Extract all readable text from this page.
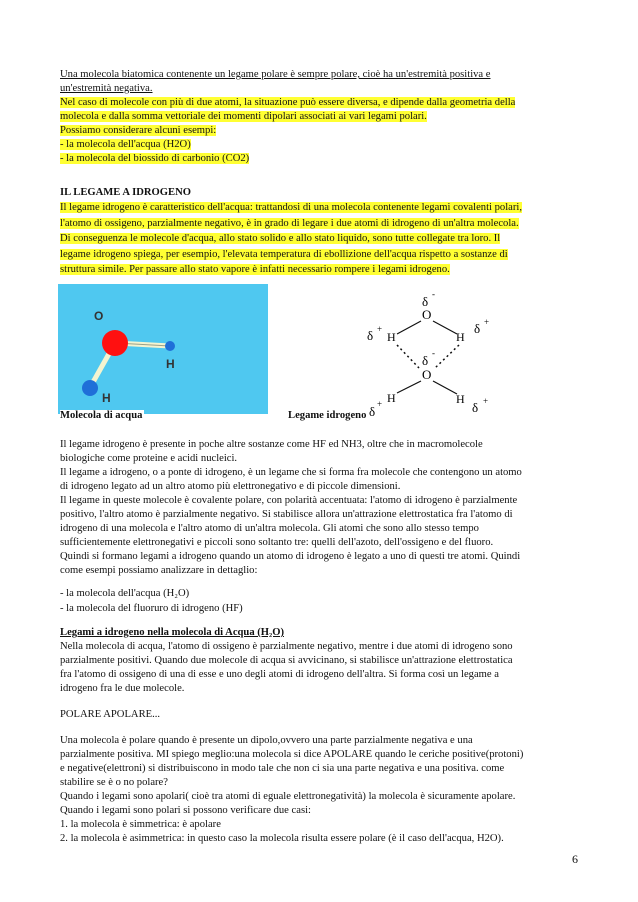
Una molecola biatomica contenente un legame polare è sempre polare, cioè ha un'estremità positiva e
un'estremità negativa.
Nel caso di molecole con più di due atomi, la situazione può essere diversa, e dipende dalla geometria della
molecola e dalla somma vettoriale dei momenti dipolari associati ai vari legami polari.
Possiamo considerare alcuni esempi:
- la molecola dell'acqua (H2O)
- la molecola del biossido di carbonio (CO2)
IL LEGAME A IDROGENO
Il legame idrogeno è caratteristico dell'acqua: trattandosi di una molecola contenente legami covalenti polari,
l'atomo di ossigeno, parzialmente negativo, è in grado di legare i due atomi di idrogeno di un'altra molecola.
Di conseguenza le molecole d'acqua, allo stato solido e allo stato liquido, sono tutte collegate tra loro. Il
legame idrogeno spiega, per esempio, l'elevata temperatura di ebollizione dell'acqua rispetto a sostanze di
struttura simile. Per passare allo stato vapore è infatti necessario rompere i legami idrogeno.
O
H
H
Molecola di acqua
δ -
O
δ +
H	H
δ +
δ -
O
H	H
δ +	δ +
Legame idrogeno
Il legame idrogeno è presente in poche altre sostanze come HF ed NH3, oltre che in macromolecole
biologiche come proteine e acidi nucleici.
Il legame a idrogeno, o a ponte di idrogeno, è un legame che si forma fra molecole che contengono un atomo
di idrogeno legato ad un altro atomo più elettronegativo e di piccole dimensioni.
Il legame in queste molecole è covalente polare, con polarità accentuata: l'atomo di idrogeno è parzialmente
positivo, l'altro atomo è parzialmente negativo. Si stabilisce allora un'attrazione elettrostatica fra l'atomo di
idrogeno di una molecola e l'altro atomo di un'altra molecola. Gli atomi che sono allo stesso tempo
sufficientemente elettronegativi e piccoli sono soltanto tre: quelli dell'azoto, dell'ossigeno e del fluoro.
Quindi si formano legami a idrogeno quando un atomo di idrogeno è legato a uno di questi tre atomi. Quindi
come esempi possiamo analizzare in dettaglio:
- la molecola dell'acqua (H₂O)
- la molecola del fluoruro di idrogeno (HF)
Legami a idrogeno nella molecola di Acqua (H₂O)
Nella molecola di acqua, l'atomo di ossigeno è parzialmente negativo, mentre i due atomi di idrogeno sono
parzialmente positivi. Quando due molecole di acqua si avvicinano, si stabilisce un'attrazione elettrostatica
fra l'atomo di ossigeno di una di esse e uno degli atomi di idrogeno dell'altra. Si forma così un legame a
idrogeno fra le due molecole.
POLARE APOLARE...
Una molecola è polare quando è presente un dipolo,ovvero una parte parzialmente negativa e una
parzialmente positiva. MI spiego meglio:una molecola si dice APOLARE quando le ceriche positive(protoni)
e negative(elettroni) si distribuiscono in modo tale che non ci sia una parte negativa e una positiva. come
stabilire se è o no polare?
Quando i legami sono apolari( cioè tra atomi di eguale elettronegatività) la molecola è sicuramente apolare.
Quando i legami sono polari si possono verificare due casi:
1. la molecola è simmetrica: è apolare
2. la molecola è asimmetrica: in questo caso la molecola risulta essere polare (è il caso dell'acqua, H2O).
6
